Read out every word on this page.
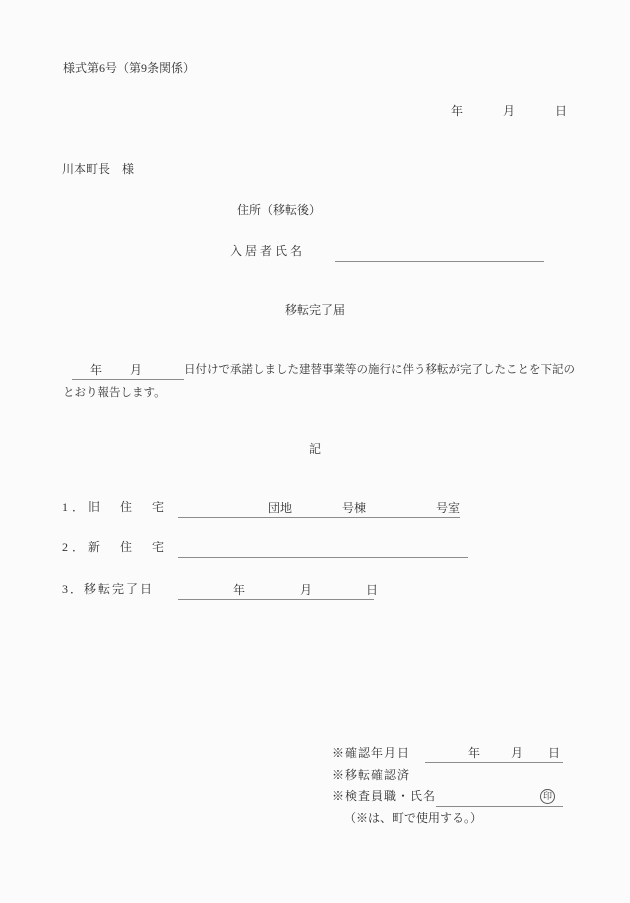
様式第6号（第9条関係）
年	月	日
川本町長　様
住所（移転後）
入 居 者 氏 名
移転完了届
年 月	日付けで承諾しました建替事業等の施行に伴う移転が完了したことを下記の
とおり報告します。
記
1．旧　住　宅	団地	号棟	号室
2．新　住　宅
3．移転完了日	年	月	日
※確認年月日	年	月 日
※移転確認済
※検査員職・氏名	印
（※は、町で使用する。）
